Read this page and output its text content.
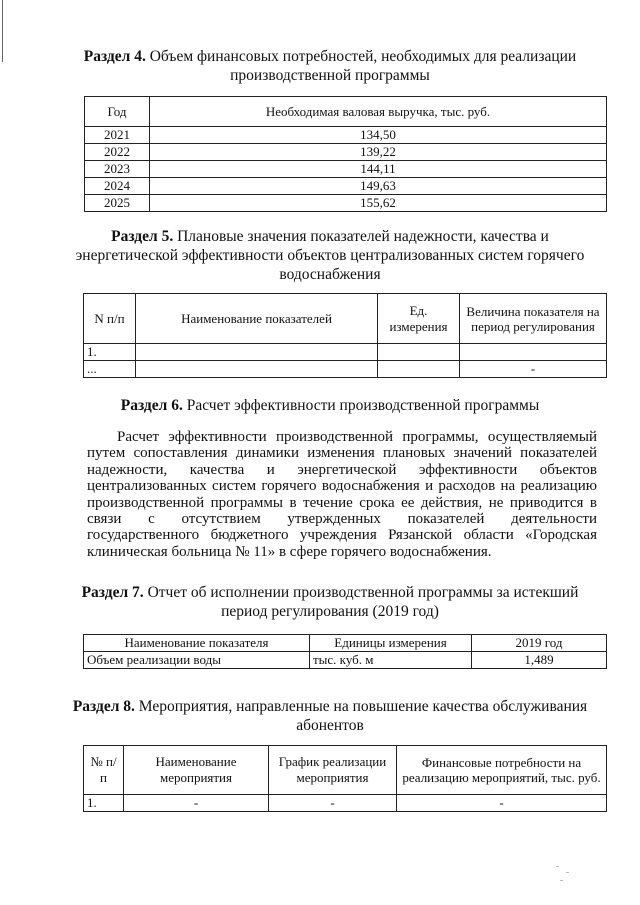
Раздел 4. Объем финансовых потребностей, необходимых для реализации
производственной программы
Год	Необходимая валовая выручка, тыс. руб.
2021	134,50
2022	139,22
2023	144,11
2024	149,63
2025	155,62
Раздел 5. Плановые значения показателей надежности, качества и
энергетической эффективности объектов централизованных систем горячего
водоснабжения
N п/п	Наименование показателей	Ед. измерения	Величина показателя на период регулирования
1.			
...			-
Раздел 6. Расчет эффективности производственной программы

Расчет эффективности производственной программы, осуществляемый путем сопоставления динамики изменения плановых значений показателей надежности, качества и энергетической эффективности объектов централизованных систем горячего водоснабжения и расходов на реализацию производственной программы в течение срока ее действия, не приводится в связи с отсутствием утвержденных показателей деятельности государственного бюджетного учреждения Рязанской области «Городская клиническая больница № 11» в сфере горячего водоснабжения.

Раздел 7. Отчет об исполнении производственной программы за истекший
период регулирования (2019 год)
Наименование показателя	Единицы измерения	2019 год
Объем реализации воды	тыс. куб. м	1,489
Раздел 8. Мероприятия, направленные на повышение качества обслуживания
абонентов
№ п/п	Наименование мероприятия	График реализации мероприятия	Финансовые потребности на реализацию мероприятий, тыс. руб.
1.	-	-	-
